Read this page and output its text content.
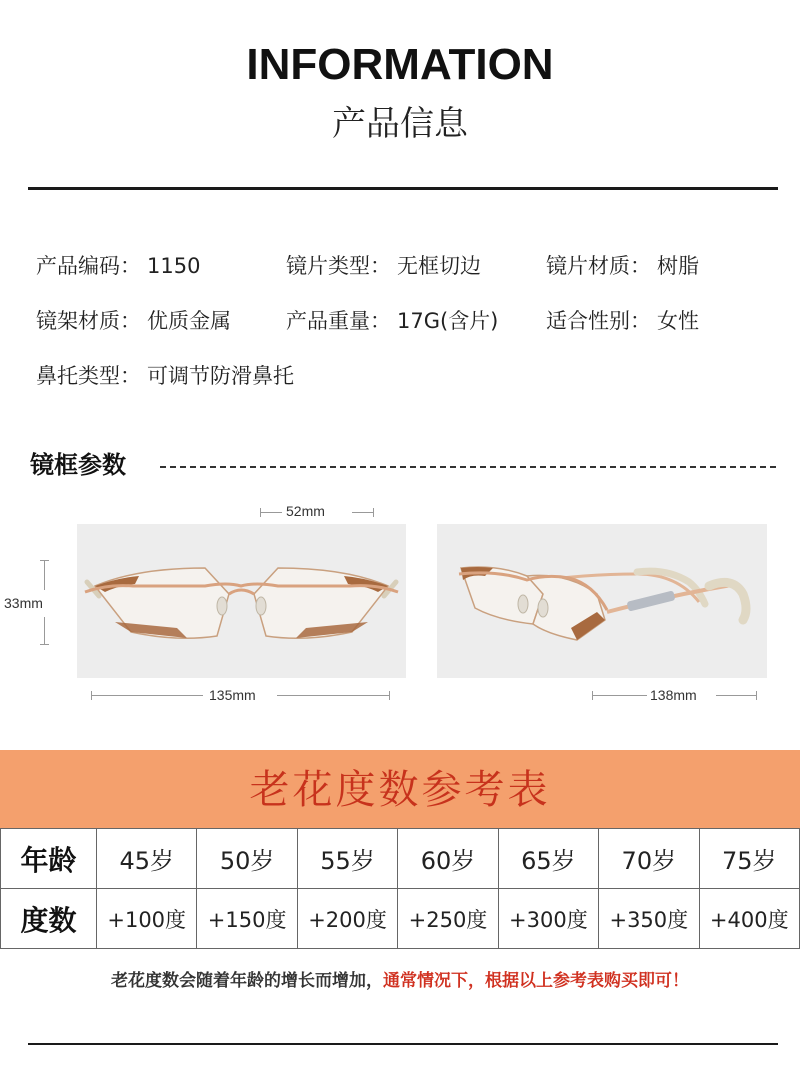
INFORMATION
产品信息
产品编码： 1150	镜片类型： 无框切边	镜片材质： 树脂
镜架材质： 优质金属	产品重量： 17G(含片) 适合性别： 女性
鼻托类型： 可调节防滑鼻托
镜框参数
52mm
33mm
135mm	138mm
老花度数参考表
年龄	45岁	50岁	55岁	60岁	65岁	70岁	75岁
度数	+100度	+150度	+200度	+250度	+300度	+350度	+400度
老花度数会随着年龄的增长而增加，通常情况下，根据以上参考表购买即可！
